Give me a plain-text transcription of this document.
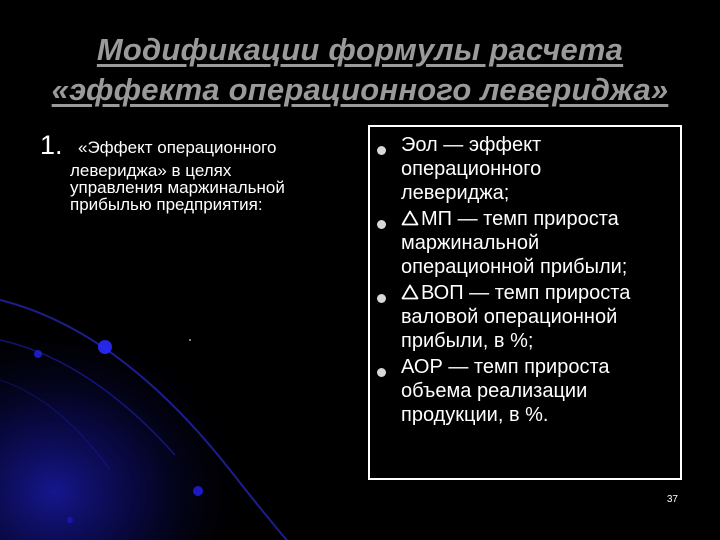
Модификации формулы расчета
«эффекта операционного левериджа»
1. «Эффект операционного
левериджа» в целях
управления маржинальной
прибылью предприятия:
Эол — эффект
операционного
левериджа;
МП — темп прироста
маржинальной
операционной прибыли;
ВОП — темп прироста
валовой операционной
прибыли, в %;
АОР — темп прироста
объема реализации
продукции, в %.
37
